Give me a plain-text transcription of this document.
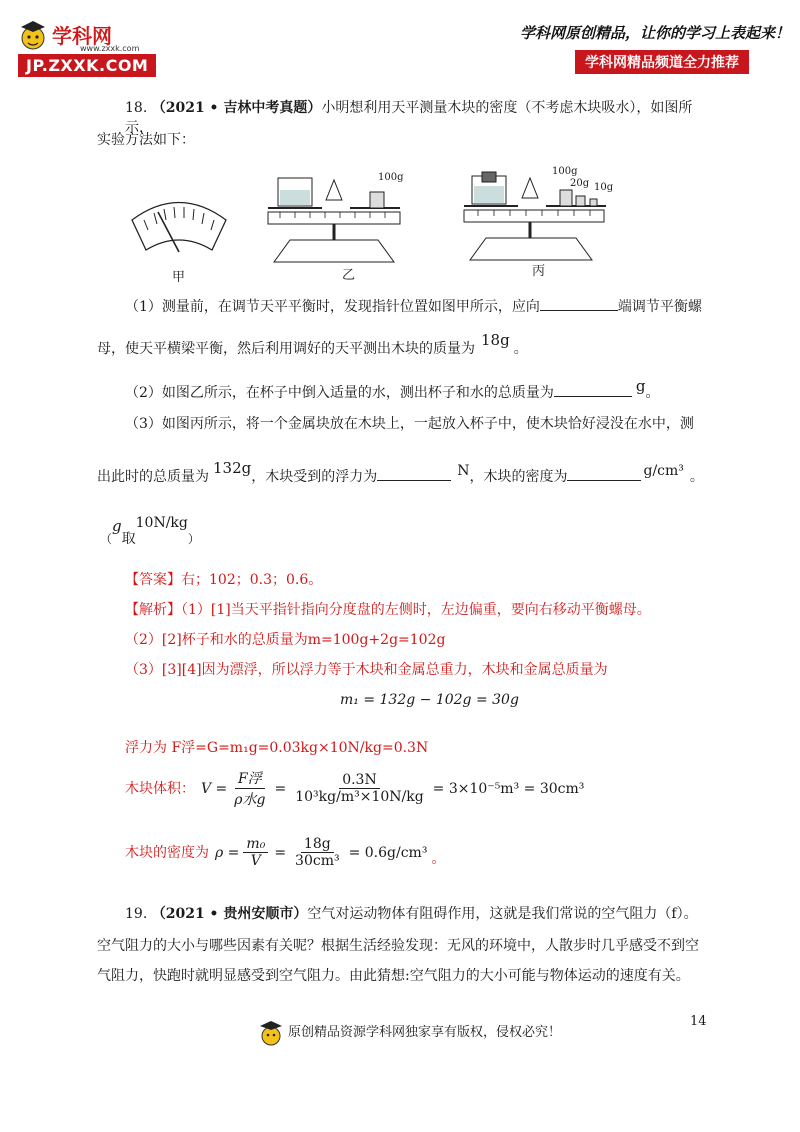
学科网
www.zxxk.com
JP.ZXXK.COM
学科网原创精品，让你的学习上表起来！
学科网精品频道全力推荐
18. （2021 • 吉林中考真题）小明想利用天平测量木块的密度（不考虑木块吸水），如图所示，
实验方法如下：
甲
100g
乙
100g
20g 10g
丙
（1）测量前，在调节天平平衡时，发现指针位置如图甲所示，应向	端调节平衡螺
母，使天平横梁平衡，然后利用调好的天平测出木块的质量为 18g 。
（2）如图乙所示，在杯子中倒入适量的水，测出杯子和水的总质量为	g。
（3）如图丙所示，将一个金属块放在木块上，一起放入杯子中，使木块恰好浸没在水中，测
出此时的总质量为 132g，木块受到的浮力为	N，木块的密度为	g/cm³ 。
（g取10N/kg）
【答案】右；102；0.3；0.6。
【解析】（1）[1]当天平指针指向分度盘的左侧时，左边偏重，要向右移动平衡螺母。
（2）[2]杯子和水的总质量为m=100g+2g=102g
（3）[3][4]因为漂浮，所以浮力等于木块和金属总重力，木块和金属总质量为
m₁ = 132g − 102g = 30g
浮力为 F浮=G=m₁g=0.03kg×10N/kg=0.3N
木块体积： $V = \frac{\text{F浮}}{\text{ρ水g}} = \frac{0.3N}{\text{10³kg/m³×10N/kg}} = 3\times 10^{-5}m^3 = 30cm^3$
木块的密度为 $\rho = \frac{\text{m₀}}{V} = \frac{18g}{\text{30cm³}} = 0.6g/cm^3$ 。
19. （2021 • 贵州安顺市）空气对运动物体有阻碍作用，这就是我们常说的空气阻力（f）。
空气阻力的大小与哪些因素有关呢？根据生活经验发现：无风的环境中，人散步时几乎感受不到空
气阻力，快跑时就明显感受到空气阻力。由此猜想:空气阻力的大小可能与物体运动的速度有关。
14
原创精品资源学科网独家享有版权，侵权必究！
